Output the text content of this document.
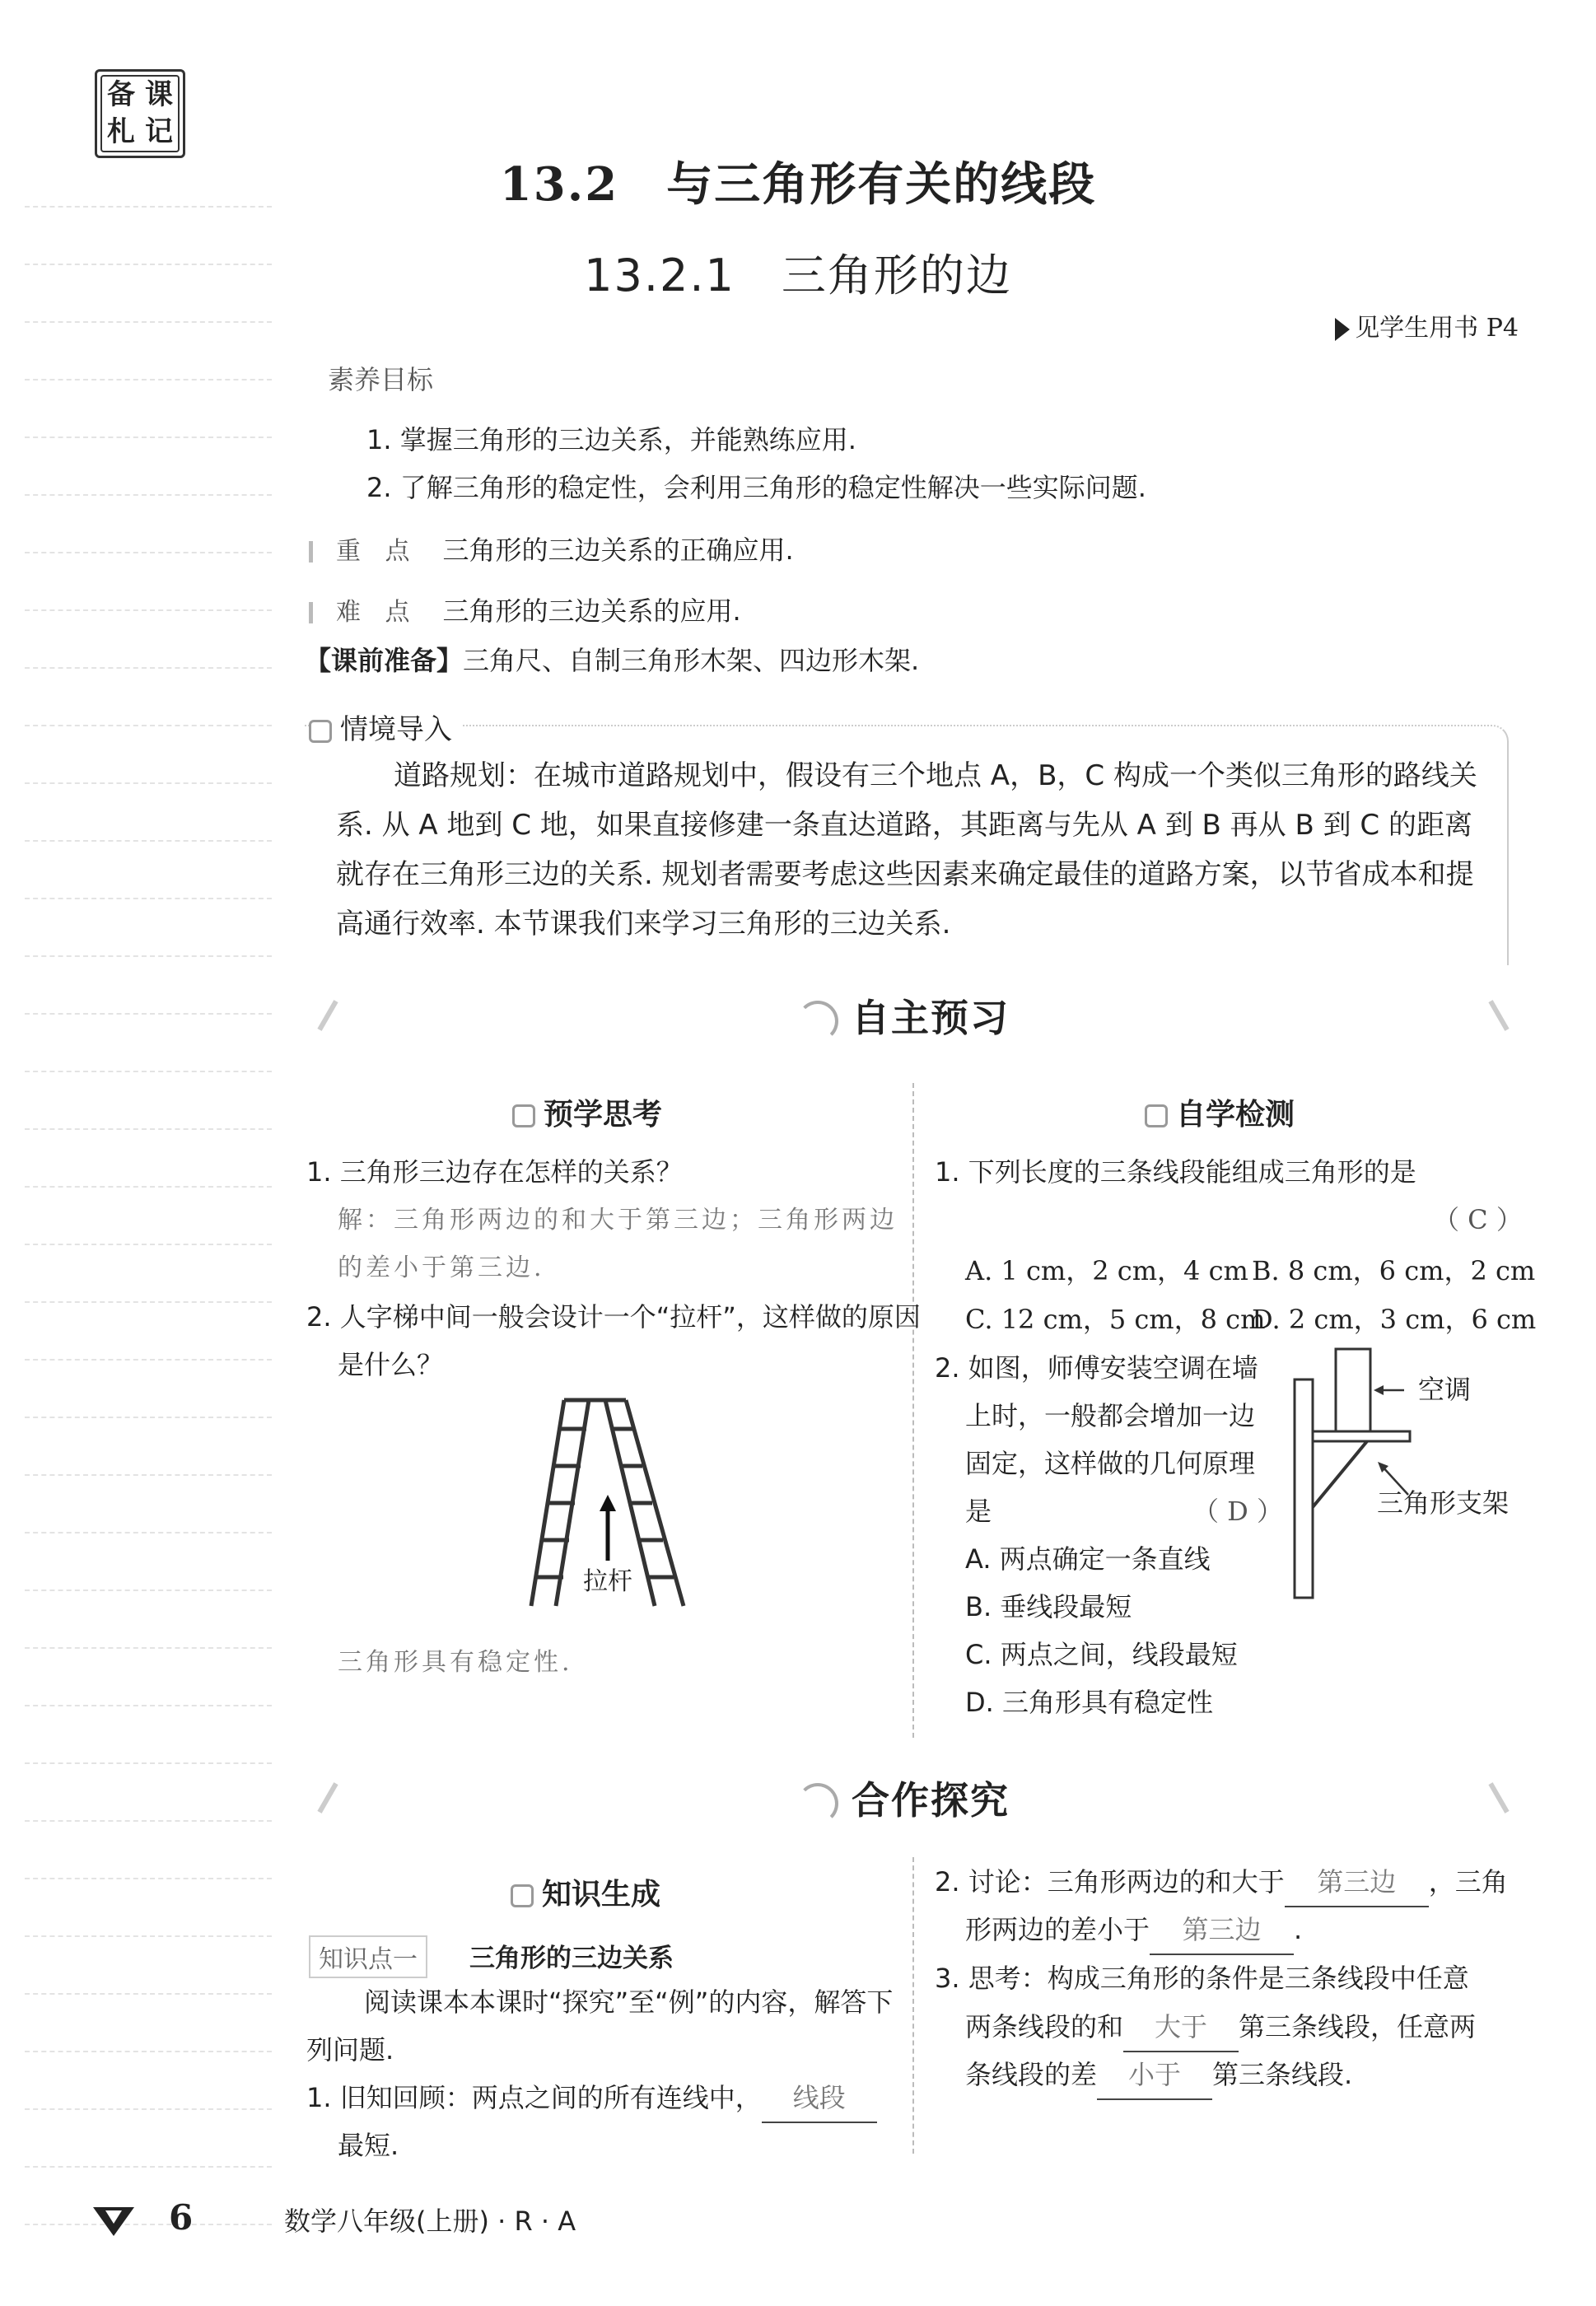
备 课
札 记
13.2　与三角形有关的线段
13.2.1　三角形的边
见学生用书 P4
素养目标
1. 掌握三角形的三边关系，并能熟练应用.
2. 了解三角形的稳定性，会利用三角形的稳定性解决一些实际问题.
重 点 三角形的三边关系的正确应用.
难 点 三角形的三边关系的应用.
【课前准备】三角尺、自制三角形木架、四边形木架.
情境导入
道路规划：在城市道路规划中，假设有三个地点 A，B，C 构成一个类似三角形的路线关系. 从 A 地到 C 地，如果直接修建一条直达道路，其距离与先从 A 到 B 再从 B 到 C 的距离就存在三角形三边的关系. 规划者需要考虑这些因素来确定最佳的道路方案，以节省成本和提高通行效率. 本节课我们来学习三角形的三边关系.
自主预习
预学思考
1. 三角形三边存在怎样的关系？
解：三角形两边的和大于第三边；三角形两边的差小于第三边.
2. 人字梯中间一般会设计一个“拉杆”，这样做的原因是什么？
拉杆
三角形具有稳定性.
自学检测
1. 下列长度的三条线段能组成三角形的是
（ C ）
A. 1 cm，2 cm，4 cm B. 8 cm，6 cm，2 cm
C. 12 cm，5 cm，8 cm
D. 2 cm，3 cm，6 cm
2. 如图，师傅安装空调在墙
上时，一般都会增加一边
固定，这样做的几何原理
是	（ D ）
A. 两点确定一条直线
B. 垂线段最短
C. 两点之间，线段最短
D. 三角形具有稳定性
空调
三角形支架
合作探究
知识生成
知识点一	三角形的三边关系
阅读课本本课时“探究”至“例”的内容，解答下列问题.
1. 旧知回顾：两点之间的所有连线中， 线段
最短.
2. 讨论：三角形两边的和大于 第三边 ，三角
形两边的差小于 第三边 .
3. 思考：构成三角形的条件是三条线段中任意
两条线段的和 大于 第三条线段，任意两
条线段的差 小于 第三条线段.
6	数学八年级(上册) · R · A
